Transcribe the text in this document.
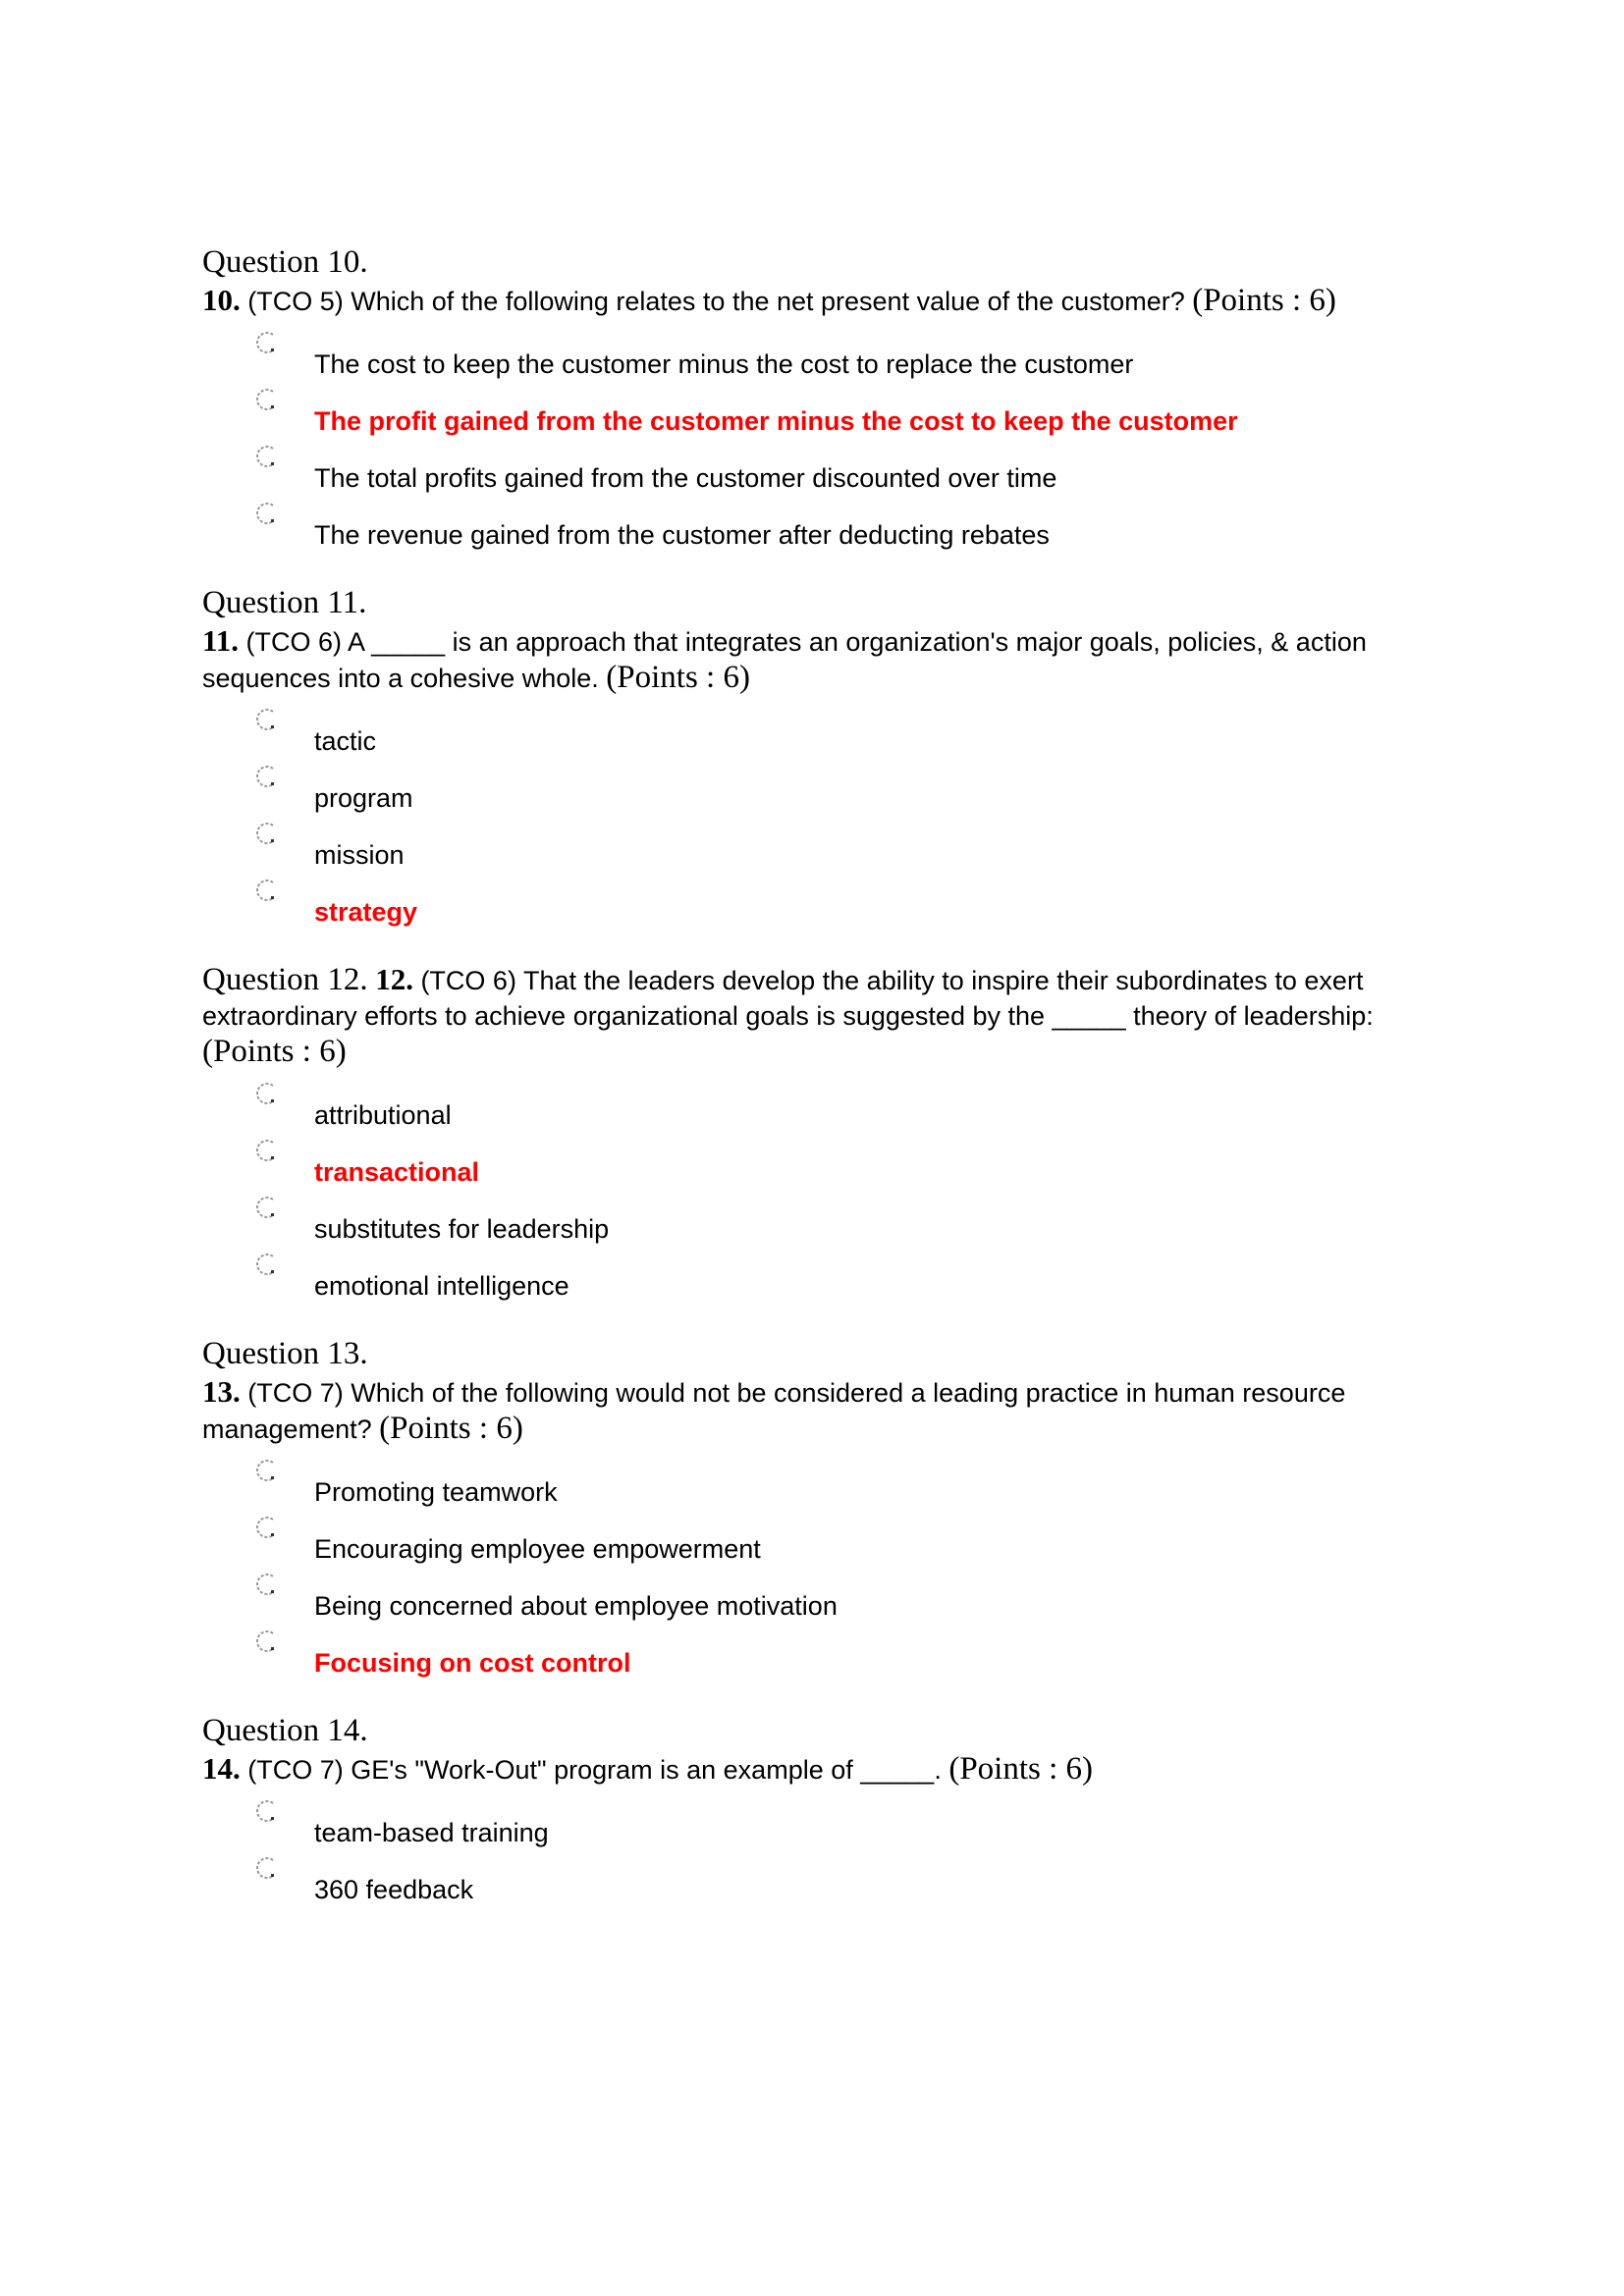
Question 10.
10. (TCO 5) Which of the following relates to the net present value of the customer? (Points : 6)
The cost to keep the customer minus the cost to replace the customer
The profit gained from the customer minus the cost to keep the customer
The total profits gained from the customer discounted over time
The revenue gained from the customer after deducting rebates
Question 11.
11. (TCO 6) A _____ is an approach that integrates an organization's major goals, policies, & action sequences into a cohesive whole. (Points : 6)
tactic
program
mission
strategy
Question 12. 12. (TCO 6) That the leaders develop the ability to inspire their subordinates to exert extraordinary efforts to achieve organizational goals is suggested by the _____ theory of leadership: (Points : 6)
attributional
transactional
substitutes for leadership
emotional intelligence
Question 13.
13. (TCO 7) Which of the following would not be considered a leading practice in human resource management? (Points : 6)
Promoting teamwork
Encouraging employee empowerment
Being concerned about employee motivation
Focusing on cost control
Question 14.
14. (TCO 7) GE's "Work-Out" program is an example of _____. (Points : 6)
team-based training
360 feedback
